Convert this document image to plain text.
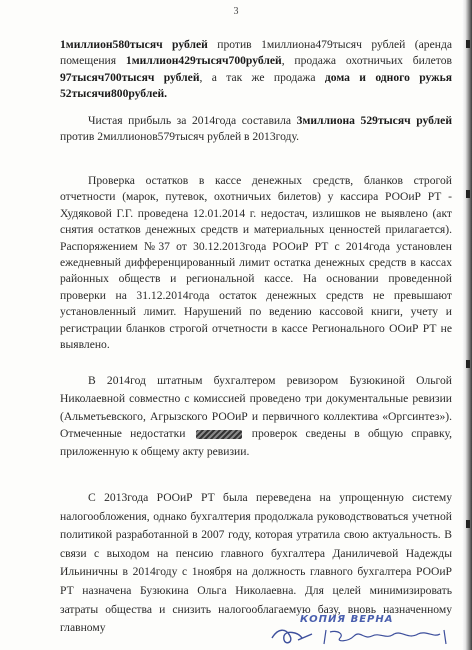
3

1миллион580тысяч рублей против 1миллиона479тысяч рублей (аренда помещения 1миллион429тысяч700рублей, продажа охотничьих билетов 97тысяч700тысяч рублей, а так же продажа дома и одного ружья 52тысячи800рублей.

Чистая прибыль за 2014года составила 3миллиона 529тысяч рублей против 2миллионов579тысяч рублей в 2013году.

Проверка остатков в кассе денежных средств, бланков строгой отчетности (марок, путевок, охотничьих билетов) у кассира РООиР РТ - Худяковой Г.Г. проведена 12.01.2014 г. недостач, излишков не выявлено (акт снятия остатков денежных средств и материальных ценностей прилагается). Распоряжением №37 от 30.12.2013года РООиР РТ с 2014года установлен ежедневный дифференцированный лимит остатка денежных средств в кассах районных обществ и региональной кассе. На основании проведенной проверки на 31.12.2014года остаток денежных средств не превышают установленный лимит. Нарушений по ведению кассовой книги, учету и регистрации бланков строгой отчетности в кассе Регионального ООиР РТ не выявлено.

В 2014год штатным бухгалтером ревизором Бузюкиной Ольгой Николаевной совместно с комиссией проведено три документальные ревизии (Альметьевского, Агрызского РООиР и первичного коллектива «Оргсинтез»). Отмеченные недостатки	проверок сведены в общую справку, приложенную к общему акту ревизии.

С 2013года РООиР РТ была переведена на упрощенную систему налогообложения, однако бухгалтерия продолжала руководствоваться учетной политикой разработанной в 2007 году, которая утратила свою актуальность. В связи с выходом на пенсию главного бухгалтера Даниличевой Надежды Ильиничны в 2014году с 1ноября на должность главного бухгалтера РООиР РТ назначена Бузюкина Ольга Николаевна. Для целей минимизировать затраты общества и снизить налогооблагаемую базу, вновь назначенному главному

КОПИЯ ВЕРНА
